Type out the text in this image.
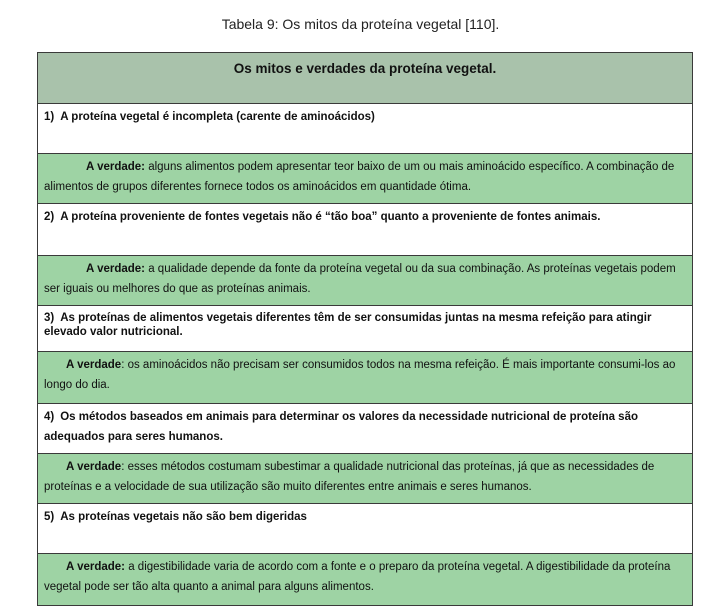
Tabela 9: Os mitos da proteína vegetal [110].
Os mitos e verdades da proteína vegetal.
1) A proteína vegetal é incompleta (carente de aminoácidos)
A verdade: alguns alimentos podem apresentar teor baixo de um ou mais aminoácido específico. A combinação de alimentos de grupos diferentes fornece todos os aminoácidos em quantidade ótima.
2) A proteína proveniente de fontes vegetais não é “tão boa” quanto a proveniente de fontes animais.
A verdade: a qualidade depende da fonte da proteína vegetal ou da sua combinação. As proteínas vegetais podem ser iguais ou melhores do que as proteínas animais.
3) As proteínas de alimentos vegetais diferentes têm de ser consumidas juntas na mesma refeição para atingir elevado valor nutricional.
A verdade: os aminoácidos não precisam ser consumidos todos na mesma refeição. É mais importante consumi-los ao longo do dia.
4) Os métodos baseados em animais para determinar os valores da necessidade nutricional de proteína são adequados para seres humanos.
A verdade: esses métodos costumam subestimar a qualidade nutricional das proteínas, já que as necessidades de proteínas e a velocidade de sua utilização são muito diferentes entre animais e seres humanos.
5) As proteínas vegetais não são bem digeridas
A verdade: a digestibilidade varia de acordo com a fonte e o preparo da proteína vegetal. A digestibilidade da proteína vegetal pode ser tão alta quanto a animal para alguns alimentos.
